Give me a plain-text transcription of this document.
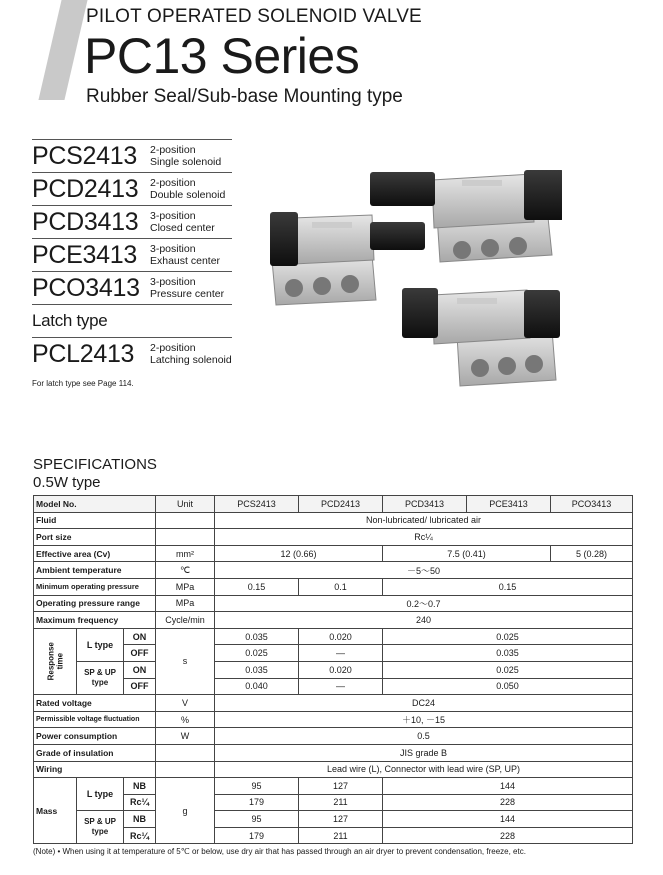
PILOT OPERATED SOLENOID VALVE
PC13 Series
Rubber Seal/Sub-base Mounting type
PCS2413	2-position
Single solenoid
PCD2413	2-position
Double solenoid
PCD3413	3-position
Closed center
PCE3413	3-position
Exhaust center
PCO3413 3-position
Pressure center
Latch type
PCL2413	2-position
Latching solenoid
For latch type see Page 114.
SPECIFICATIONS
0.5W type
Model No.			Unit	PCS2413	PCD2413	PCD3413	PCE3413	PCO3413
Fluid				Non-lubricated/ lubricated air				
Port size				Rc¼				
Effective area (Cv)			mm²	12 (0.66)		7.5 (0.41)		5 (0.28)
Ambient temperature			℃	－5～50				
Minimum operating pressure			MPa	0.15	0.1	0.15		
Operating pressure range			MPa	0.2～0.7				
Maximum frequency			Cycle/min	240				
Response
time	L type	ON	s	0.035	0.020	0.025		
		OFF		0.025	—	0.035		
	SP & UP
type	ON		0.035	0.020	0.025		
		OFF		0.040	—	0.050		
Rated voltage			V	DC24				
Permissible voltage fluctuation			%	＋10, －15				
Power consumption			W	0.5				
Grade of insulation				JIS grade B				
Wiring				Lead wire (L), Connector with lead wire (SP, UP)				
Mass	L type	NB	g	95	127	144		
		Rc¼		179	211	228		
	SP & UP
type	NB		95	127	144		
		Rc¼		179	211	228		
(Note) • When using it at temperature of 5℃ or below, use dry air that has passed through an air dryer to prevent condensation, freeze, etc.
